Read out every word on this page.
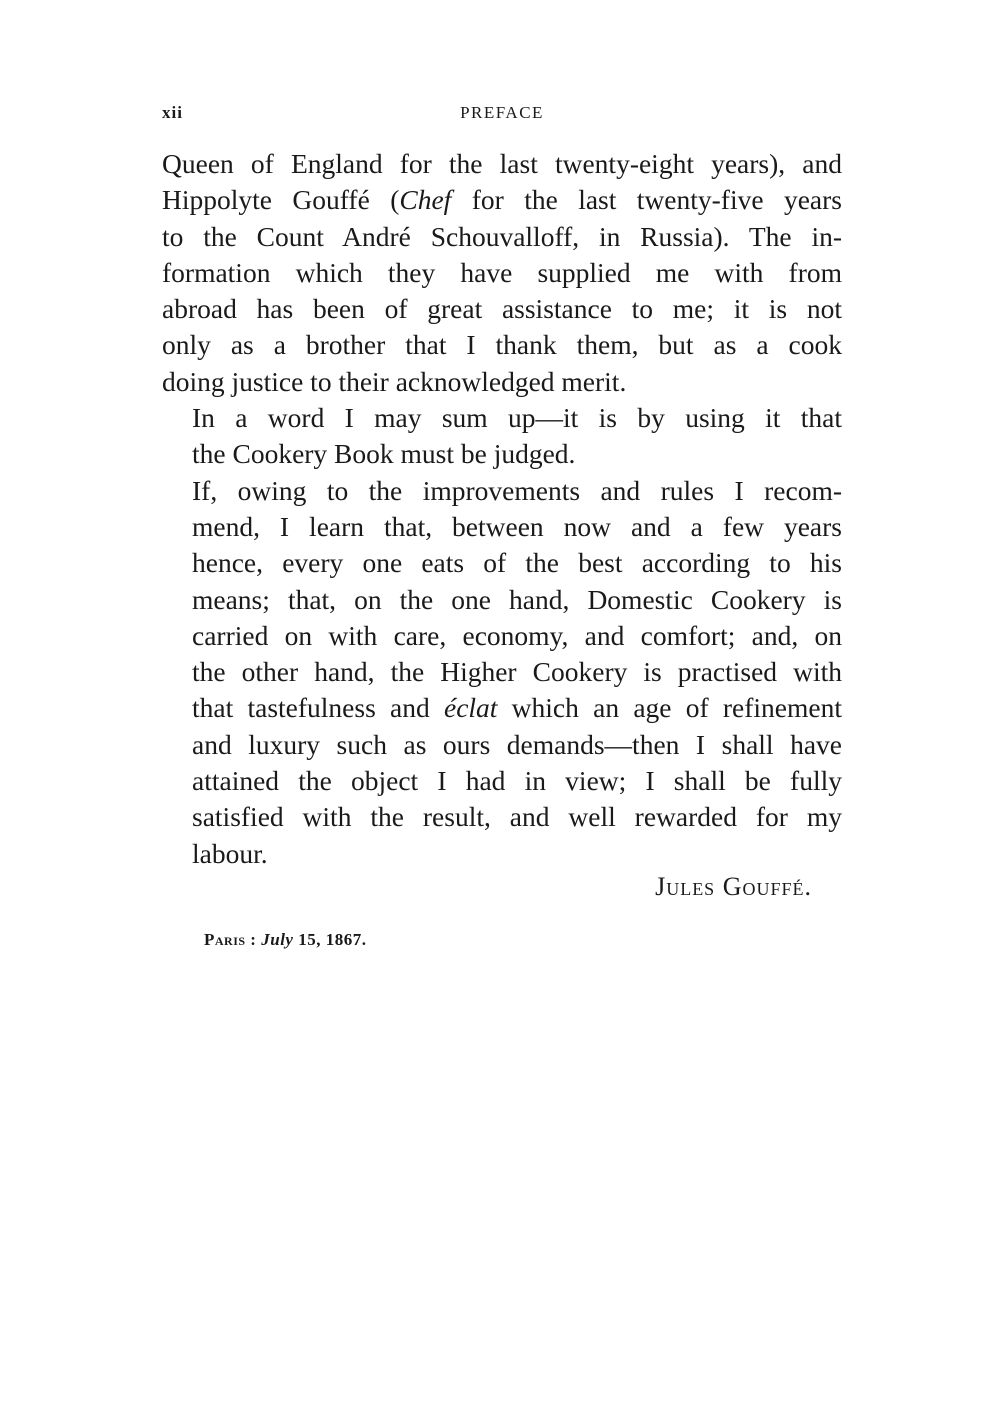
xii	PREFACE

Queen of England for the last twenty-eight years), and
Hippolyte Gouffé (Chef for the last twenty-five years
to the Count André Schouvalloff, in Russia). The in-
formation which they have supplied me with from
abroad has been of great assistance to me; it is not
only as a brother that I thank them, but as a cook
doing justice to their acknowledged merit.

In a word I may sum up—it is by using it that
the Cookery Book must be judged.

If, owing to the improvements and rules I recom-
mend, I learn that, between now and a few years
hence, every one eats of the best according to his
means; that, on the one hand, Domestic Cookery is
carried on with care, economy, and comfort; and, on
the other hand, the Higher Cookery is practised with
that tastefulness and éclat which an age of refinement
and luxury such as ours demands—then I shall have
attained the object I had in view; I shall be fully
satisfied with the result, and well rewarded for my
labour.

Jules Gouffé.
Paris : July 15, 1867.
